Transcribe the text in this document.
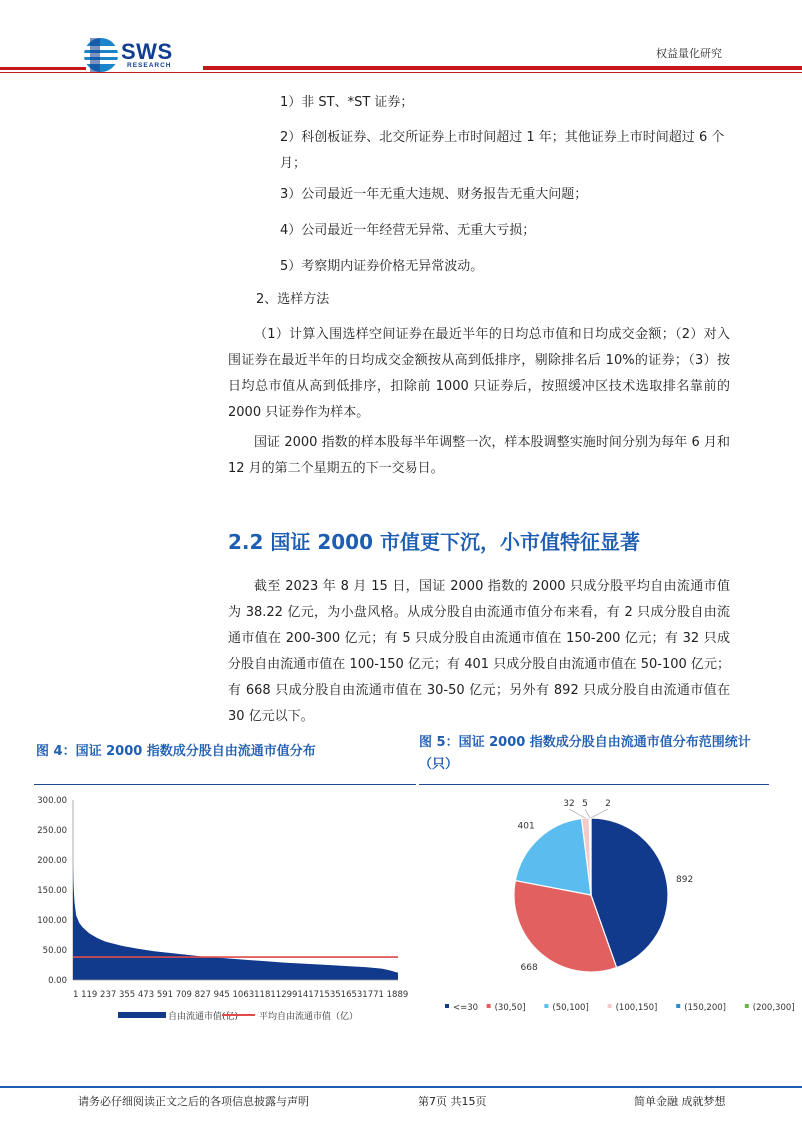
SWS
RESEARCH
权益量化研究
1）非 ST、*ST 证券；
2）科创板证券、北交所证券上市时间超过 1 年；其他证券上市时间超过 6 个月；
3）公司最近一年无重大违规、财务报告无重大问题；
4）公司最近一年经营无异常、无重大亏损；
5）考察期内证券价格无异常波动。
2、选样方法
（1）计算入围选样空间证券在最近半年的日均总市值和日均成交金额；（2）对入围证券在最近半年的日均成交金额按从高到低排序，剔除排名后 10%的证券；（3）按日均总市值从高到低排序，扣除前 1000 只证券后，按照缓冲区技术选取排名靠前的 2000 只证券作为样本。
国证 2000 指数的样本股每半年调整一次，样本股调整实施时间分别为每年 6 月和 12 月的第二个星期五的下一交易日。
2.2 国证 2000 市值更下沉，小市值特征显著
截至 2023 年 8 月 15 日，国证 2000 指数的 2000 只成分股平均自由流通市值为 38.22 亿元，为小盘风格。从成分股自由流通市值分布来看，有 2 只成分股自由流通市值在 200-300 亿元；有 5 只成分股自由流通市值在 150-200 亿元；有 32 只成分股自由流通市值在 100-150 亿元；有 401 只成分股自由流通市值在 50-100 亿元；有 668 只成分股自由流通市值在 30-50 亿元；另外有 892 只成分股自由流通市值在 30 亿元以下。
图 4：国证 2000 指数成分股自由流通市值分布
图 5：国证 2000 指数成分股自由流通市值分布范围统计（只）
300.00
250.00
200.00
150.00
100.00
50.00
0.00
1 119 237 355 473 591 709 827 945 1063118112991417153516531771 1889
自由流通市值(亿) 平均自由流通市值（亿）
892
668
401
32 5 2
<=30 (30,50]	(50,100]	(100,150]	(150,200]	(200,300]
请务必仔细阅读正文之后的各项信息披露与声明	第7页 共15页	简单金融 成就梦想
